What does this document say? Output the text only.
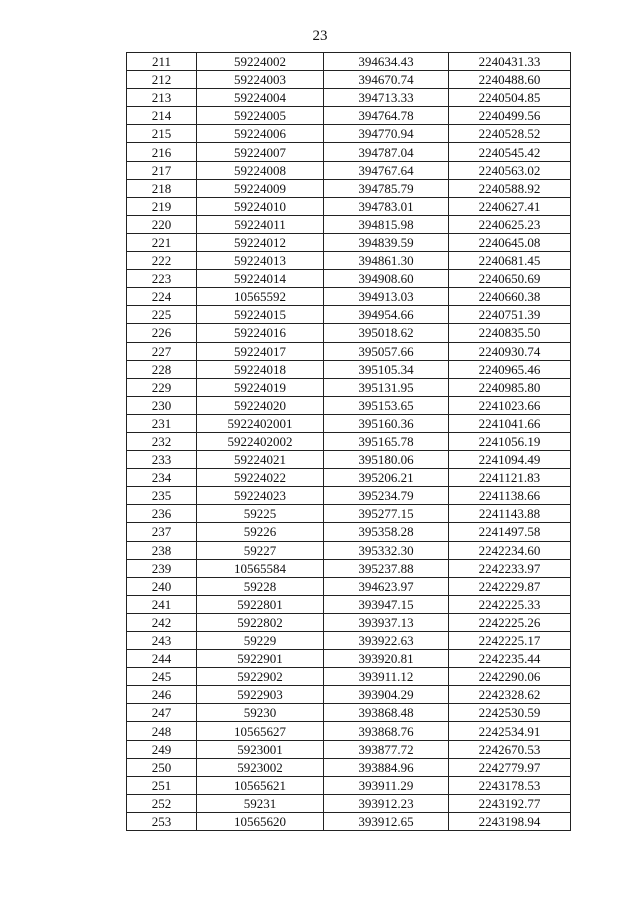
23
211	59224002	394634.43	2240431.33
212	59224003	394670.74	2240488.60
213	59224004	394713.33	2240504.85
214	59224005	394764.78	2240499.56
215	59224006	394770.94	2240528.52
216	59224007	394787.04	2240545.42
217	59224008	394767.64	2240563.02
218	59224009	394785.79	2240588.92
219	59224010	394783.01	2240627.41
220	59224011	394815.98	2240625.23
221	59224012	394839.59	2240645.08
222	59224013	394861.30	2240681.45
223	59224014	394908.60	2240650.69
224	10565592	394913.03	2240660.38
225	59224015	394954.66	2240751.39
226	59224016	395018.62	2240835.50
227	59224017	395057.66	2240930.74
228	59224018	395105.34	2240965.46
229	59224019	395131.95	2240985.80
230	59224020	395153.65	2241023.66
231	5922402001	395160.36	2241041.66
232	5922402002	395165.78	2241056.19
233	59224021	395180.06	2241094.49
234	59224022	395206.21	2241121.83
235	59224023	395234.79	2241138.66
236	59225	395277.15	2241143.88
237	59226	395358.28	2241497.58
238	59227	395332.30	2242234.60
239	10565584	395237.88	2242233.97
240	59228	394623.97	2242229.87
241	5922801	393947.15	2242225.33
242	5922802	393937.13	2242225.26
243	59229	393922.63	2242225.17
244	5922901	393920.81	2242235.44
245	5922902	393911.12	2242290.06
246	5922903	393904.29	2242328.62
247	59230	393868.48	2242530.59
248	10565627	393868.76	2242534.91
249	5923001	393877.72	2242670.53
250	5923002	393884.96	2242779.97
251	10565621	393911.29	2243178.53
252	59231	393912.23	2243192.77
253	10565620	393912.65	2243198.94
